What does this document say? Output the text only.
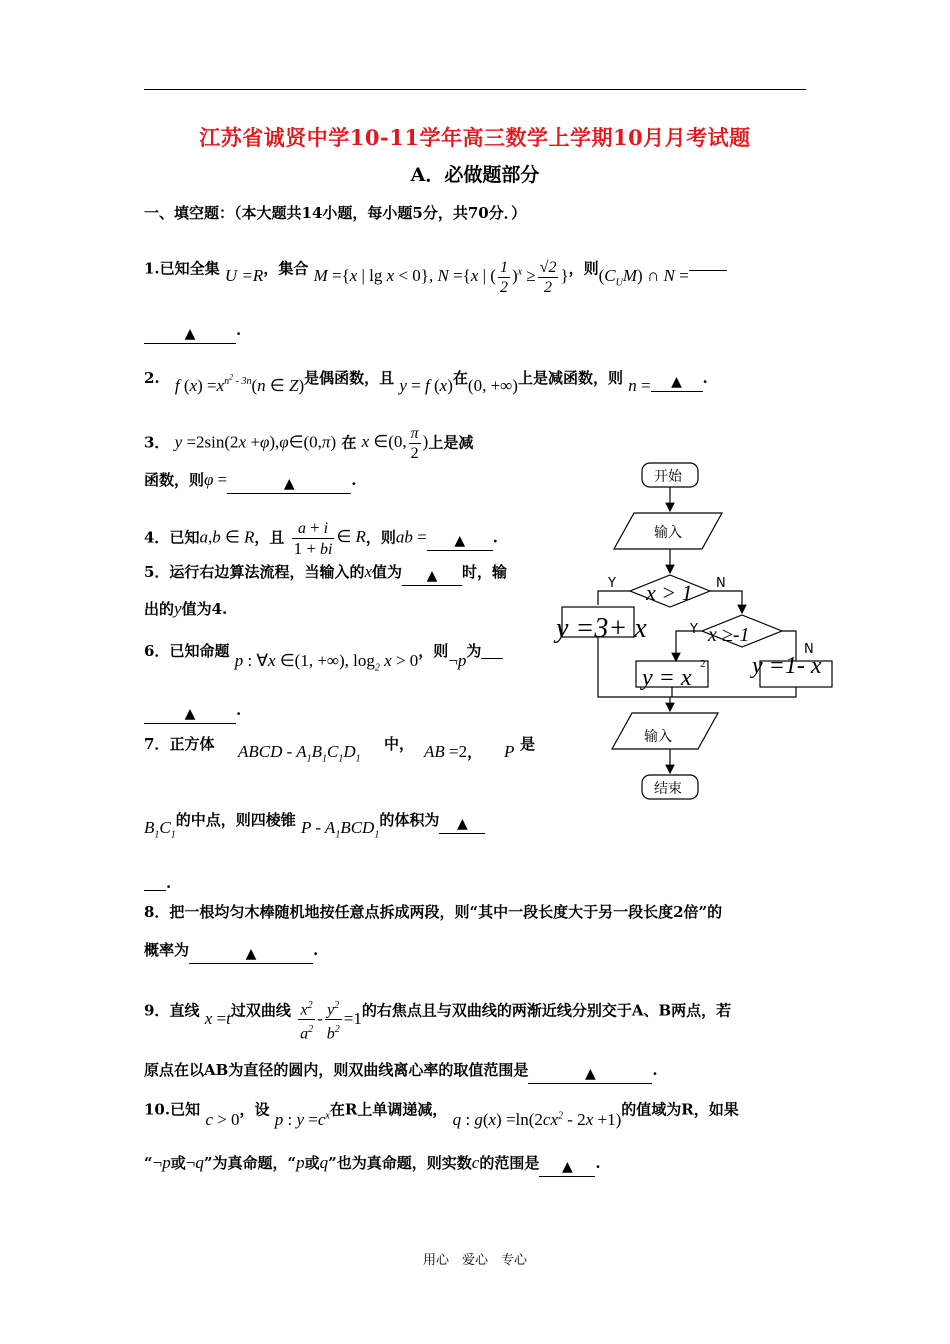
江苏省诚贤中学10-11学年高三数学上学期10月月考试题
A．必做题部分
一、填空题：（本大题共14小题，每小题5分，共70分．）
1.已知全集 U =R，集合 M ={x | lg x < 0}, N ={x | ( $\frac{1}{2} )^x \ge \frac{√2}{2}$ }，则$(C_UM)$ ∩ N =
▲	.
2. f $(x) =x^{n^2 - 3n}(n$ ∈ Z)是偶函数，且 y = f (x)在(0, +∞)上是减函数，则 n = ▲ .
3． y =2sin(2x +φ),φ∈(0,π) 在 x ∈(0, $\frac{\pi}{2}$ )上是减
函数，则φ =	▲	.
4．已知a,b ∈ R，且 $\frac{a + i}{1 + bi}$ ∈ R，则ab = ▲ .
5．运行右边算法流程，当输入的x值为 ▲ 时，输
出的y值为4.
6．已知命题 p : ∀x ∈(1, +∞), $\log_2 x > 0$，则¬p为
▲	.
7．正方体 ABCD - $A_1B_1C_1D_1$
中， AB =2， P 是
$B_1C_1$的中点，则四棱锥 P - $A_1BCD_1$的体积为 ▲
.
8．把一根均匀木棒随机地按任意点拆成两段，则“其中一段长度大于另一段长度2倍”的
概率为	▲	.
9．直线 x =t过双曲线 $\frac{x^2}{a^2} - \frac{y^2}{b^2} =1$的右焦点且与双曲线的两渐近线分别交于A、B两点，若
原点在以AB为直径的圆内，则双曲线离心率的取值范围是	▲	.
10.已知 c > 0，设 p : $y =c^x$在R上单调递减， q : $g(x) =\ln(2cx^2 - 2x +1)$的值域为R，如果
“¬p或¬q”为真命题，“p或q”也为真命题，则实数c的范围是 ▲ .
开始
输入
x > 1
Y	N
y =3+ x	x ≥-1
Y
N
y = x
2 y =1- x
输入
结束
用心　爱心　专心
